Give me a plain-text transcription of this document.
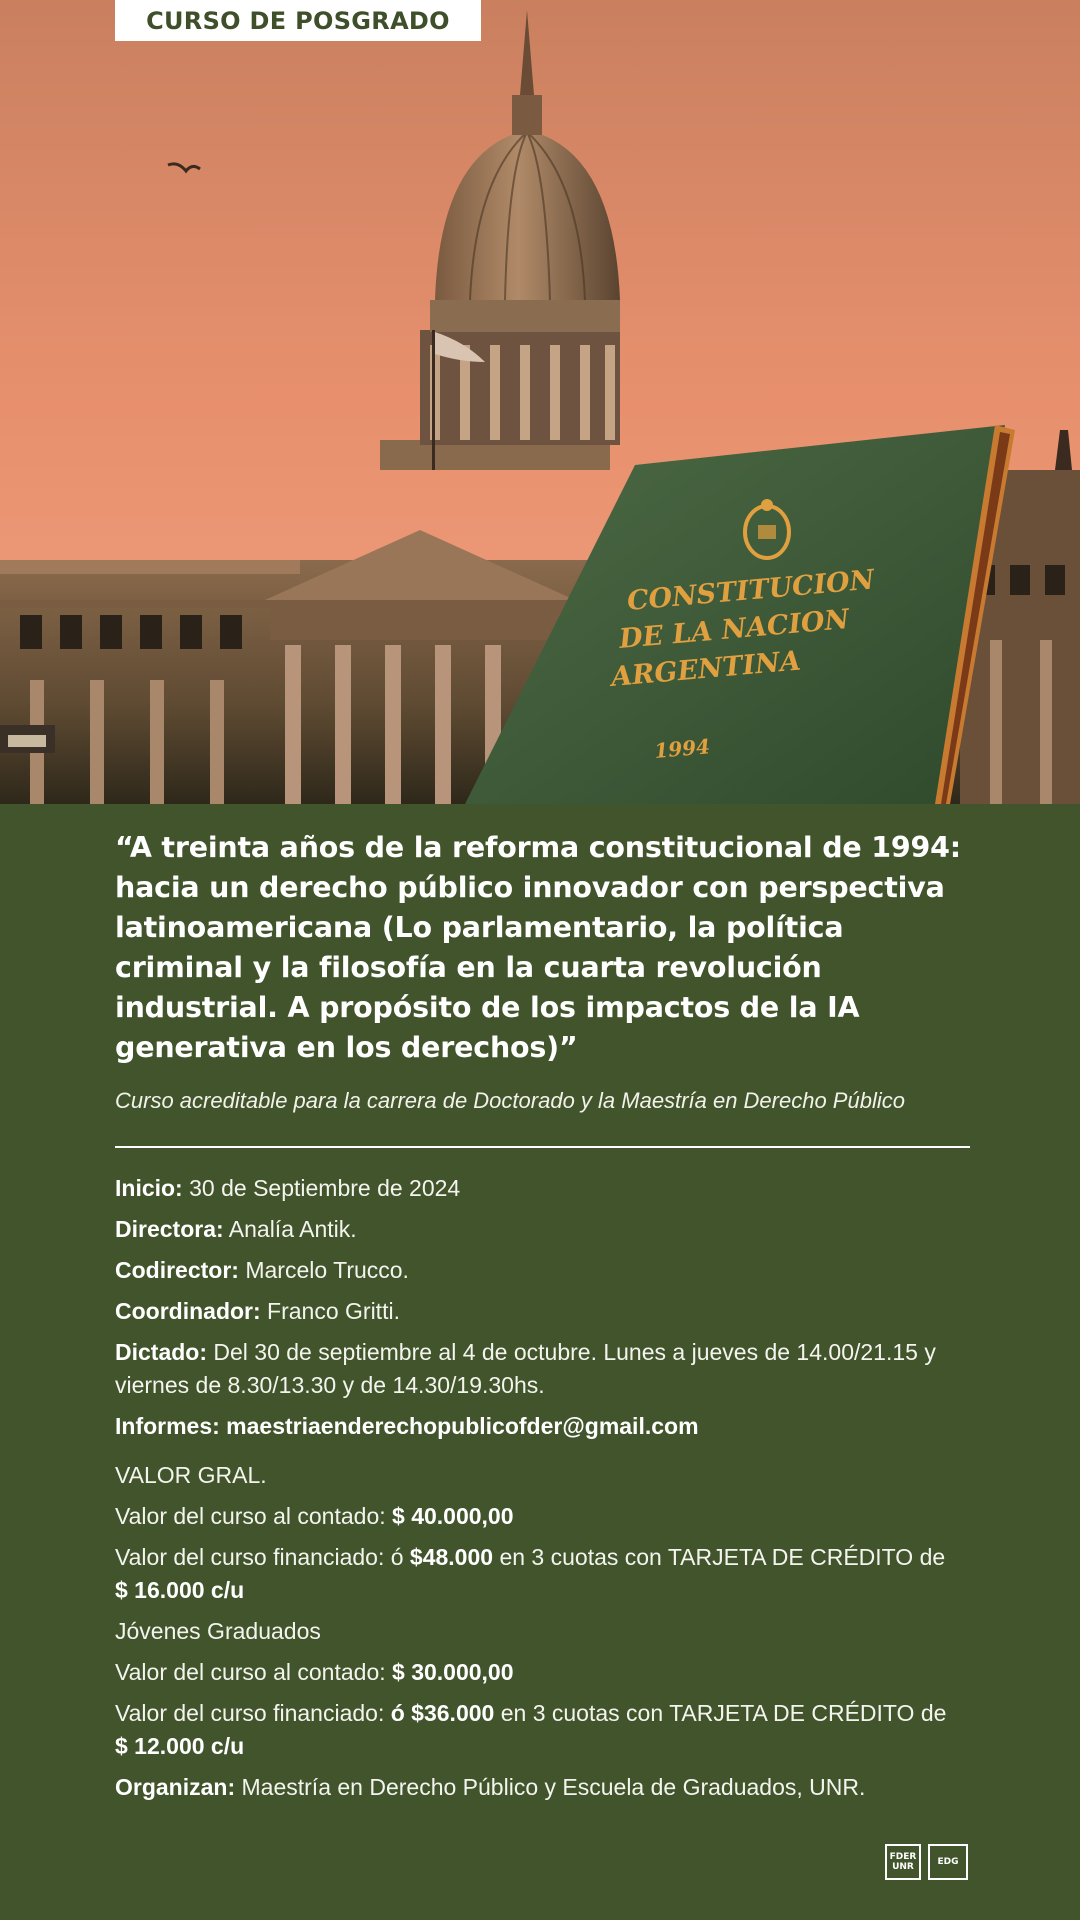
CONSTITUCION
DE LA NACION
ARGENTINA
1994
CURSO DE POSGRADO
“A treinta años de la reforma constitucional de 1994: hacia un derecho público innovador con perspectiva latinoamericana (Lo parlamentario, la política criminal y la filosofía en la cuarta revolución industrial. A propósito de los impactos de la IA generativa en los derechos)”

Curso acreditable para la carrera de Doctorado y la Maestría en Derecho Público

Inicio: 30 de Septiembre de 2024

Directora: Analía Antik.

Codirector: Marcelo Trucco.

Coordinador: Franco Gritti.

Dictado: Del 30 de septiembre al 4 de octubre. Lunes a jueves de 14.00/21.15 y viernes de 8.30/13.30 y de 14.30/19.30hs.

Informes: maestriaenderechopublicofder@gmail.com

VALOR GRAL.

Valor del curso al contado: $ 40.000,00

Valor del curso financiado: ó $48.000 en 3 cuotas con TARJETA DE CRÉDITO de
$ 16.000 c/u

Jóvenes Graduados

Valor del curso al contado: $ 30.000,00

Valor del curso financiado: ó $36.000 en 3 cuotas con TARJETA DE CRÉDITO de
$ 12.000 c/u

Organizan: Maestría en Derecho Público y Escuela de Graduados, UNR.

FDER
UNR	EDG
